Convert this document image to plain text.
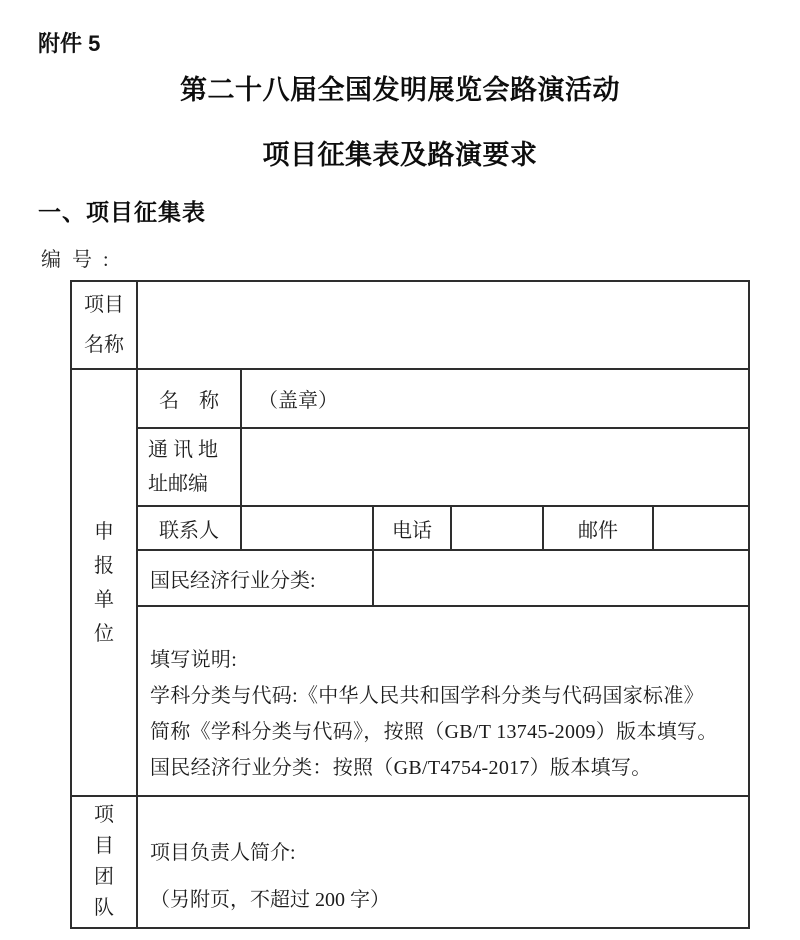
附件 5
第二十八届全国发明展览会路演活动
项目征集表及路演要求
一、项目征集表
编 号 :
项目
名称						

申报单位	名　称	（盖章）				

	通 讯 地
址邮编					

	联系人		电话		邮件	
	国民经济行业分类:					

	填写说明:
学科分类与代码:《中华人民共和国学科分类与代码国家标准》
简称《学科分类与代码》，按照（GB/T 13745-2009）版本填写。
国民经济行业分类：按照（GB/T4754-2017）版本填写。					

项目团队	项目负责人简介:
（另附页，不超过 200 字）					
